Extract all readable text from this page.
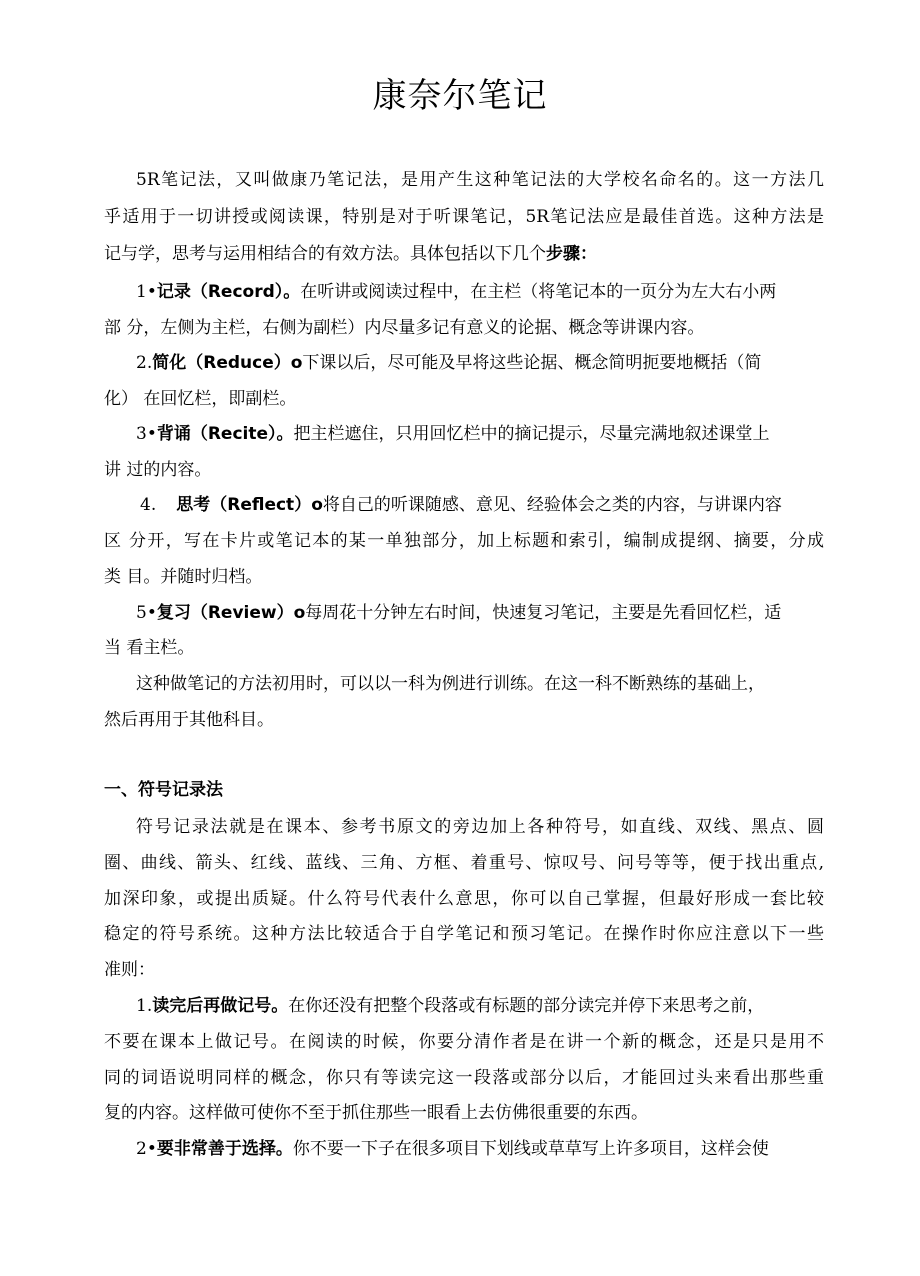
康奈尔笔记

5R笔记法，又叫做康乃笔记法，是用产生这种笔记法的大学校名命名的。这一方法几

乎适用于一切讲授或阅读课，特别是对于听课笔记，5R笔记法应是最佳首选。这种方法是

记与学，思考与运用相结合的有效方法。具体包括以下几个步骤：

1•记录（Record）。在听讲或阅读过程中，在主栏（将笔记本的一页分为左大右小两

部 分，左侧为主栏，右侧为副栏）内尽量多记有意义的论据、概念等讲课内容。

2.简化（Reduce）o下课以后，尽可能及早将这些论据、概念简明扼要地概括（简

化） 在回忆栏，即副栏。

3•背诵（Recite）。把主栏遮住，只用回忆栏中的摘记提示，尽量完满地叙述课堂上

讲 过的内容。

4. 思考（Reflect）o将自己的听课随感、意见、经验体会之类的内容，与讲课内容

区 分开，写在卡片或笔记本的某一单独部分，加上标题和索引，编制成提纲、摘要，分成

类 目。并随时归档。

5•复习（Review）o每周花十分钟左右时间，快速复习笔记，主要是先看回忆栏，适

当 看主栏。

这种做笔记的方法初用时，可以以一科为例进行训练。在这一科不断熟练的基础上，

然后再用于其他科目。

一、符号记录法

符号记录法就是在课本、参考书原文的旁边加上各种符号，如直线、双线、黑点、圆

圈、曲线、箭头、红线、蓝线、三角、方框、着重号、惊叹号、问号等等，便于找出重点,

加深印象，或提出质疑。什么符号代表什么意思，你可以自己掌握，但最好形成一套比较

稳定的符号系统。这种方法比较适合于自学笔记和预习笔记。在操作时你应注意以下一些

准则：

1.读完后再做记号。在你还没有把整个段落或有标题的部分读完并停下来思考之前，

不要在课本上做记号。在阅读的时候，你要分清作者是在讲一个新的概念，还是只是用不

同的词语说明同样的概念，你只有等读完这一段落或部分以后，才能回过头来看出那些重

复的内容。这样做可使你不至于抓住那些一眼看上去仿佛很重要的东西。

2•要非常善于选择。你不要一下子在很多项目下划线或草草写上许多项目，这样会使
